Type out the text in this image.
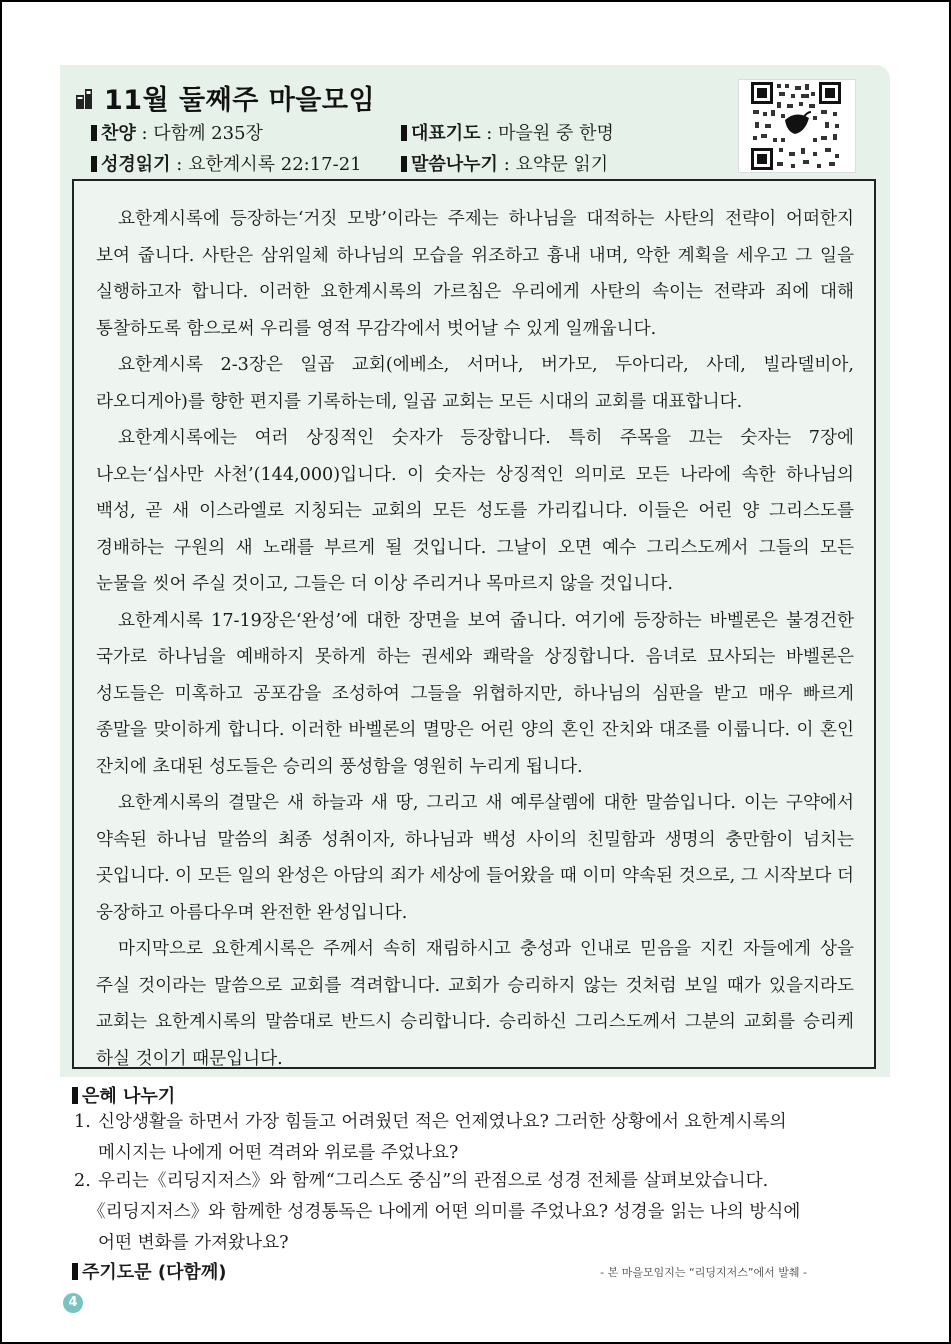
11월 둘째주 마을모임
찬양 : 다함께 235장	대표기도 : 마을원 중 한명
성경읽기 : 요한계시록 22:17-21	말씀나누기 : 요약문 읽기

요한계시록에 등장하는‘거짓 모방’이라는 주제는 하나님을 대적하는 사탄의 전략이 어떠한지 보여 줍니다. 사탄은 삼위일체 하나님의 모습을 위조하고 흉내 내며, 악한 계획을 세우고 그 일을 실행하고자 합니다. 이러한 요한계시록의 가르침은 우리에게 사탄의 속이는 전략과 죄에 대해 통찰하도록 함으로써 우리를 영적 무감각에서 벗어날 수 있게 일깨웁니다.

요한계시록 2-3장은 일곱 교회(에베소, 서머나, 버가모, 두아디라, 사데, 빌라델비아, 라오디게아)를 향한 편지를 기록하는데, 일곱 교회는 모든 시대의 교회를 대표합니다.

요한계시록에는 여러 상징적인 숫자가 등장합니다. 특히 주목을 끄는 숫자는 7장에 나오는‘십사만 사천’(144,000)입니다. 이 숫자는 상징적인 의미로 모든 나라에 속한 하나님의 백성, 곧 새 이스라엘로 지칭되는 교회의 모든 성도를 가리킵니다. 이들은 어린 양 그리스도를 경배하는 구원의 새 노래를 부르게 될 것입니다. 그날이 오면 예수 그리스도께서 그들의 모든 눈물을 씻어 주실 것이고, 그들은 더 이상 주리거나 목마르지 않을 것입니다.

요한계시록 17-19장은‘완성’에 대한 장면을 보여 줍니다. 여기에 등장하는 바벨론은 불경건한 국가로 하나님을 예배하지 못하게 하는 권세와 쾌락을 상징합니다. 음녀로 묘사되는 바벨론은 성도들은 미혹하고 공포감을 조성하여 그들을 위협하지만, 하나님의 심판을 받고 매우 빠르게 종말을 맞이하게 합니다. 이러한 바벨론의 멸망은 어린 양의 혼인 잔치와 대조를 이룹니다. 이 혼인 잔치에 초대된 성도들은 승리의 풍성함을 영원히 누리게 됩니다.

요한계시록의 결말은 새 하늘과 새 땅, 그리고 새 예루살렘에 대한 말씀입니다. 이는 구약에서 약속된 하나님 말씀의 최종 성취이자, 하나님과 백성 사이의 친밀함과 생명의 충만함이 넘치는 곳입니다. 이 모든 일의 완성은 아담의 죄가 세상에 들어왔을 때 이미 약속된 것으로, 그 시작보다 더 웅장하고 아름다우며 완전한 완성입니다.

마지막으로 요한계시록은 주께서 속히 재림하시고 충성과 인내로 믿음을 지킨 자들에게 상을 주실 것이라는 말씀으로 교회를 격려합니다. 교회가 승리하지 않는 것처럼 보일 때가 있을지라도 교회는 요한계시록의 말씀대로 반드시 승리합니다. 승리하신 그리스도께서 그분의 교회를 승리케 하실 것이기 때문입니다.

은혜 나누기
1. 신앙생활을 하면서 가장 힘들고 어려웠던 적은 언제였나요? 그러한 상황에서 요한계시록의
메시지는 나에게 어떤 격려와 위로를 주었나요?
2. 우리는《리딩지저스》와 함께“그리스도 중심”의 관점으로 성경 전체를 살펴보았습니다.
《리딩지저스》와 함께한 성경통독은 나에게 어떤 의미를 주었나요? 성경을 읽는 나의 방식에
어떤 변화를 가져왔나요?
주기도문 (다함께)	- 본 마을모임지는 “리딩지저스”에서 발췌 -
4
